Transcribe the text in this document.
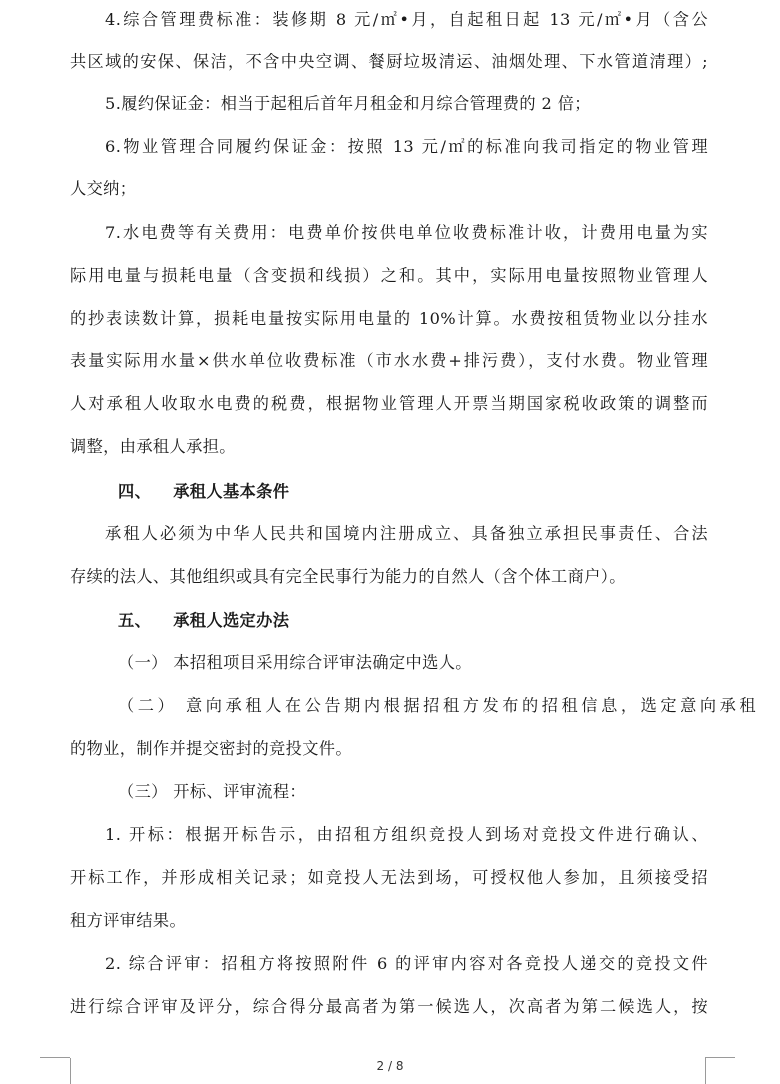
4.综合管理费标准：装修期 8 元/㎡•月，自起租日起 13 元/㎡•月（含公
共区域的安保、保洁，不含中央空调、餐厨垃圾清运、油烟处理、下水管道清理）;
5.履约保证金：相当于起租后首年月租金和月综合管理费的 2 倍；
6.物业管理合同履约保证金：按照 13 元/㎡的标准向我司指定的物业管理
人交纳；
7.水电费等有关费用：电费单价按供电单位收费标准计收，计费用电量为实
际用电量与损耗电量（含变损和线损）之和。其中，实际用电量按照物业管理人
的抄表读数计算，损耗电量按实际用电量的 10%计算。水费按租赁物业以分挂水
表量实际用水量×供水单位收费标准（市水水费+排污费），支付水费。物业管理
人对承租人收取水电费的税费，根据物业管理人开票当期国家税收政策的调整而
调整，由承租人承担。
四、 承租人基本条件
承租人必须为中华人民共和国境内注册成立、具备独立承担民事责任、合法
存续的法人、其他组织或具有完全民事行为能力的自然人（含个体工商户）。
五、 承租人选定办法
（一） 本招租项目采用综合评审法确定中选人。
（二） 意向承租人在公告期内根据招租方发布的招租信息，选定意向承租
的物业，制作并提交密封的竞投文件。
（三） 开标、评审流程：
1. 开标：根据开标告示，由招租方组织竞投人到场对竞投文件进行确认、
开标工作，并形成相关记录；如竞投人无法到场，可授权他人参加，且须接受招
租方评审结果。
2. 综合评审：招租方将按照附件 6 的评审内容对各竞投人递交的竞投文件
进行综合评审及评分，综合得分最高者为第一候选人，次高者为第二候选人，按
2 / 8
